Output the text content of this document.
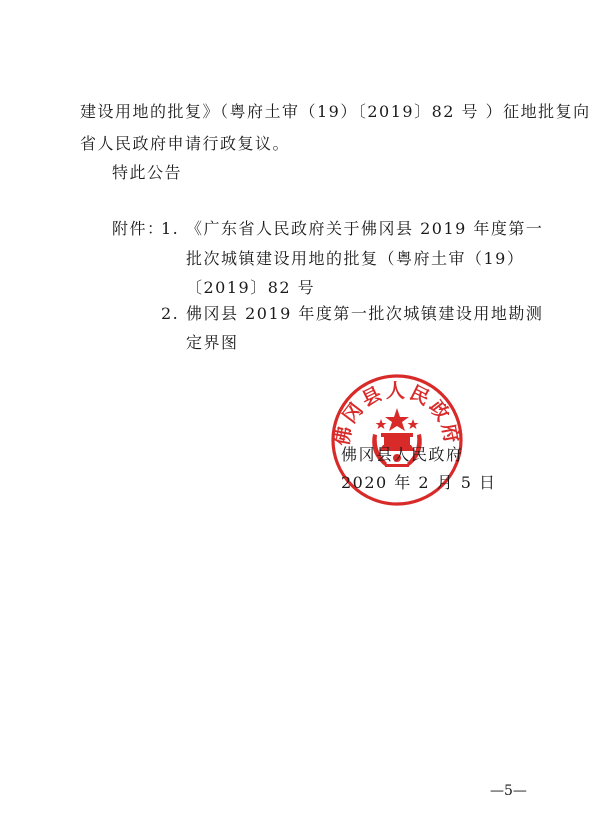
建设用地的批复》（粤府土审（19）〔2019〕82 号 ）征地批复向
省人民政府申请行政复议。
特此公告
附件：
1. 《广东省人民政府关于佛冈县 2019 年度第一
批次城镇建设用地的批复（粤府土审（19）
〔2019〕82 号
2. 佛冈县 2019 年度第一批次城镇建设用地勘测
定界图
佛冈县人民政府
佛冈县人民政府
2020 年 2 月 5 日
—5—
